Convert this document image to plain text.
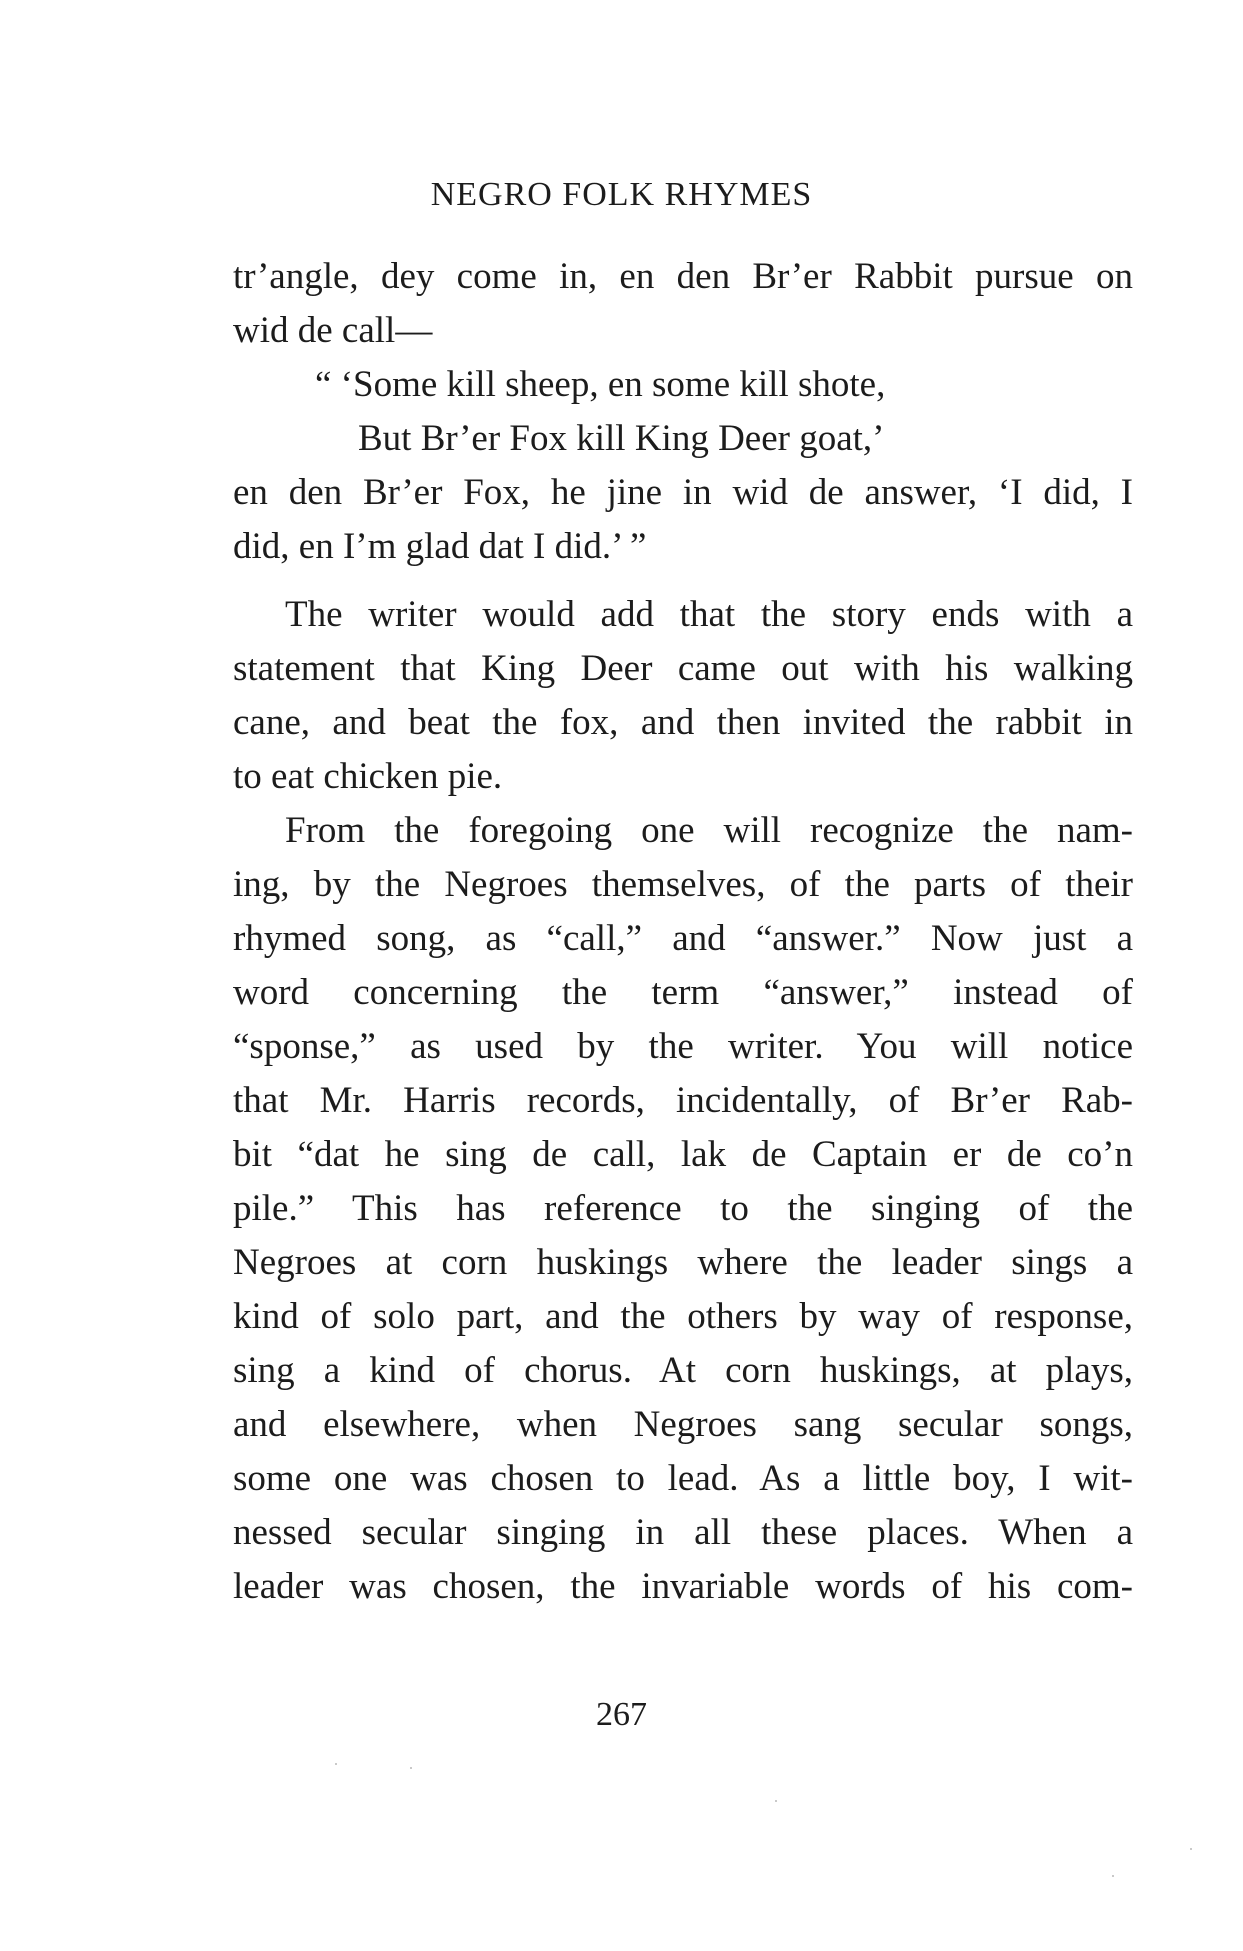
NEGRO FOLK RHYMES
tr’angle, dey come in, en den Br’er Rabbit pursue on
wid de call—
“ ‘Some kill sheep, en some kill shote,
But Br’er Fox kill King Deer goat,’
en den Br’er Fox, he jine in wid de answer, ‘I did, I
did, en I’m glad dat I did.’ ”
The writer would add that the story ends with a
statement that King Deer came out with his walking
cane, and beat the fox, and then invited the rabbit in
to eat chicken pie.
From the foregoing one will recognize the nam-
ing, by the Negroes themselves, of the parts of their
rhymed song, as “call,” and “answer.” Now just a
word concerning the term “answer,” instead of
“sponse,” as used by the writer. You will notice
that Mr. Harris records, incidentally, of Br’er Rab-
bit “dat he sing de call, lak de Captain er de co’n
pile.” This has reference to the singing of the
Negroes at corn huskings where the leader sings a
kind of solo part, and the others by way of response,
sing a kind of chorus. At corn huskings, at plays,
and elsewhere, when Negroes sang secular songs,
some one was chosen to lead. As a little boy, I wit-
nessed secular singing in all these places. When a
leader was chosen, the invariable words of his com-
267
